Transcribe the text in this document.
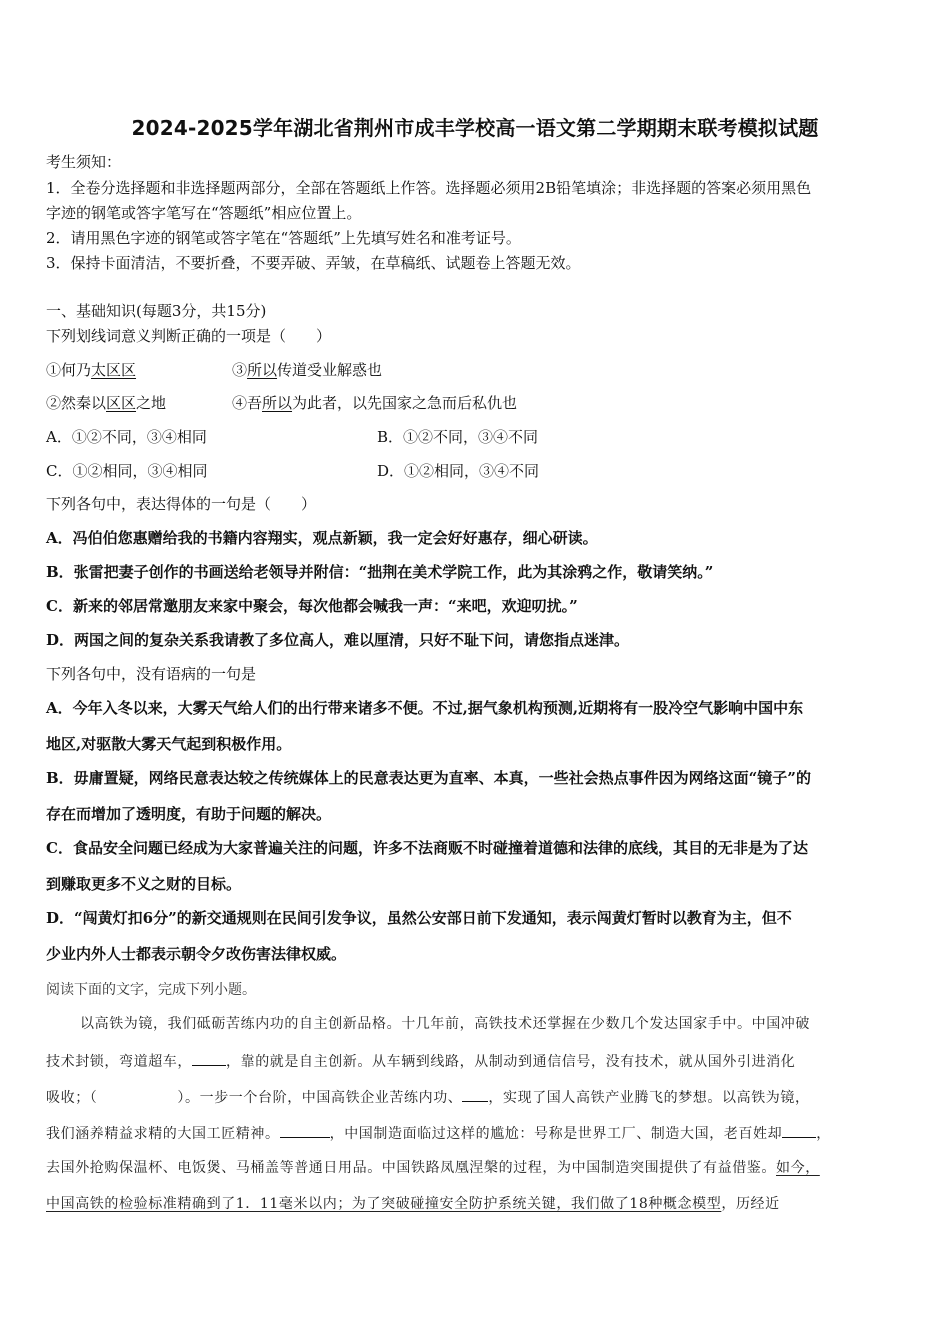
2024-2025学年湖北省荆州市成丰学校高一语文第二学期期末联考模拟试题
考生须知：
1．全卷分选择题和非选择题两部分，全部在答题纸上作答。选择题必须用2B铅笔填涂；非选择题的答案必须用黑色
字迹的钢笔或答字笔写在“答题纸”相应位置上。
2．请用黑色字迹的钢笔或答字笔在“答题纸”上先填写姓名和准考证号。
3．保持卡面清洁，不要折叠，不要弄破、弄皱，在草稿纸、试题卷上答题无效。
一、基础知识(每题3分，共15分)
下列划线词意义判断正确的一项是（　　）
①何乃太区区	③所以传道受业解惑也
②然秦以区区之地	④吾所以为此者，以先国家之急而后私仇也
A．①②不同，③④相同	B．①②不同，③④不同
C．①②相同，③④相同	D．①②相同，③④不同
下列各句中，表达得体的一句是（　　）
A．冯伯伯您惠赠给我的书籍内容翔实，观点新颖，我一定会好好惠存，细心研读。
B．张雷把妻子创作的书画送给老领导并附信：“拙荆在美术学院工作，此为其涂鸦之作，敬请笑纳。”
C．新来的邻居常邀朋友来家中聚会，每次他都会喊我一声：“来吧，欢迎叨扰。”
D．两国之间的复杂关系我请教了多位高人，难以厘清，只好不耻下问，请您指点迷津。
下列各句中，没有语病的一句是
A．今年入冬以来，大雾天气给人们的出行带来诸多不便。不过,据气象机构预测,近期将有一股冷空气影响中国中东
地区,对驱散大雾天气起到积极作用。
B．毋庸置疑，网络民意表达较之传统媒体上的民意表达更为直率、本真，一些社会热点事件因为网络这面“镜子”的
存在而增加了透明度，有助于问题的解决。
C．食品安全问题已经成为大家普遍关注的问题，许多不法商贩不时碰撞着道德和法律的底线，其目的无非是为了达
到赚取更多不义之财的目标。
D．“闯黄灯扣6分”的新交通规则在民间引发争议，虽然公安部日前下发通知，表示闯黄灯暂时以教育为主，但不
少业内外人士都表示朝令夕改伤害法律权威。
阅读下面的文字，完成下列小题。
以高铁为镜，我们砥砺苦练内功的自主创新品格。十几年前，高铁技术还掌握在少数几个发达国家手中。中国冲破
技术封锁，弯道超车， ，靠的就是自主创新。从车辆到线路，从制动到通信信号，没有技术，就从国外引进消化
吸收；（	）。一步一个台阶，中国高铁企业苦练内功、 ，实现了国人高铁产业腾飞的梦想。以高铁为镜，
我们涵养精益求精的大国工匠精神。	，中国制造面临过这样的尴尬：号称是世界工厂、制造大国，老百姓却 ，
去国外抢购保温杯、电饭煲、马桶盖等普通日用品。中国铁路凤凰涅槃的过程，为中国制造突围提供了有益借鉴。如今，
中国高铁的检验标准精确到了1．11毫米以内；为了突破碰撞安全防护系统关键，我们做了18种概念模型，历经近
